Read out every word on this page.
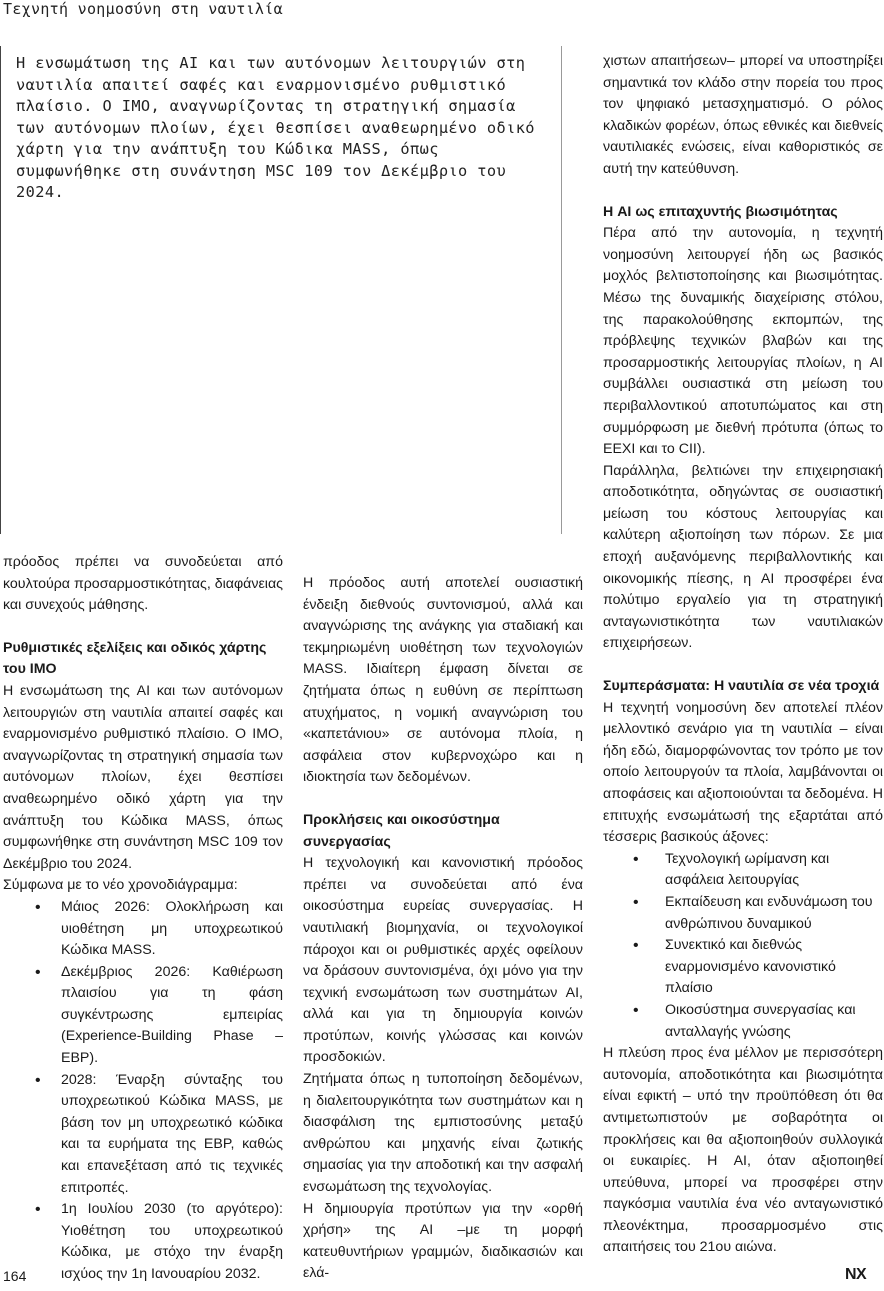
Τεχνητή νοημοσύνη στη ναυτιλία
Η ενσωμάτωση της AI και των αυτόνομων λειτουργιών στη ναυτιλία απαιτεί σαφές και εναρμονισμένο ρυθμιστικό πλαίσιο. Ο IMO, αναγνωρίζοντας τη στρατηγική σημασία των αυτόνομων πλοίων, έχει θεσπίσει αναθεωρημένο οδικό χάρτη για την ανάπτυξη του Κώδικα MASS, όπως συμφωνήθηκε στη συνάντηση MSC 109 τον Δεκέμβριο του 2024.

πρόοδος πρέπει να συνοδεύεται από κουλτούρα προσαρμοστικότητας, διαφάνειας και συνεχούς μάθησης.

Ρυθμιστικές εξελίξεις και οδικός χάρτης του IMO

Η ενσωμάτωση της AI και των αυτόνομων λειτουργιών στη ναυτιλία απαιτεί σαφές και εναρμονισμένο ρυθμιστικό πλαίσιο. Ο IMO, αναγνωρίζοντας τη στρατηγική σημασία των αυτόνομων πλοίων, έχει θεσπίσει αναθεωρημένο οδικό χάρτη για την ανάπτυξη του Κώδικα MASS, όπως συμφωνήθηκε στη συνάντηση MSC 109 τον Δεκέμβριο του 2024.

Σύμφωνα με το νέο χρονοδιάγραμμα:

• Μάιος 2026: Ολοκλήρωση και υιοθέτηση μη υποχρεωτικού Κώδικα MASS.
• Δεκέμβριος 2026: Καθιέρωση πλαισίου για τη φάση συγκέντρωσης εμπειρίας (Experience-Building Phase – EBP).
• 2028: Έναρξη σύνταξης του υποχρεωτικού Κώδικα MASS, με βάση τον μη υποχρεωτικό κώδικα και τα ευρήματα της EBP, καθώς και επανεξέταση από τις τεχνικές επιτροπές.
• 1η Ιουλίου 2030 (το αργότερο): Υιοθέτηση του υποχρεωτικού Κώδικα, με στόχο την έναρξη ισχύος την 1η Ιανουαρίου 2032.

Η πρόοδος αυτή αποτελεί ουσιαστική ένδειξη διεθνούς συντονισμού, αλλά και αναγνώρισης της ανάγκης για σταδιακή και τεκμηριωμένη υιοθέτηση των τεχνολογιών MASS. Ιδιαίτερη έμφαση δίνεται σε ζητήματα όπως η ευθύνη σε περίπτωση ατυχήματος, η νομική αναγνώριση του «καπετάνιου» σε αυτόνομα πλοία, η ασφάλεια στον κυβερνοχώρο και η ιδιοκτησία των δεδομένων.

Προκλήσεις και οικοσύστημα συνεργασίας

Η τεχνολογική και κανονιστική πρόοδος πρέπει να συνοδεύεται από ένα οικοσύστημα ευρείας συνεργασίας. Η ναυτιλιακή βιομηχανία, οι τεχνολογικοί πάροχοι και οι ρυθμιστικές αρχές οφείλουν να δράσουν συντονισμένα, όχι μόνο για την τεχνική ενσωμάτωση των συστημάτων AI, αλλά και για τη δημιουργία κοινών προτύπων, κοινής γλώσσας και κοινών προσδοκιών.

Ζητήματα όπως η τυποποίηση δεδομένων, η διαλειτουργικότητα των συστημάτων και η διασφάλιση της εμπιστοσύνης μεταξύ ανθρώπου και μηχανής είναι ζωτικής σημασίας για την αποδοτική και την ασφαλή ενσωμάτωση της τεχνολογίας.

Η δημιουργία προτύπων για την «ορθή χρήση» της AI –με τη μορφή κατευθυντήριων γραμμών, διαδικασιών και ελά-

χιστων απαιτήσεων– μπορεί να υποστηρίξει σημαντικά τον κλάδο στην πορεία του προς τον ψηφιακό μετασχηματισμό. Ο ρόλος κλαδικών φορέων, όπως εθνικές και διεθνείς ναυτιλιακές ενώσεις, είναι καθοριστικός σε αυτή την κατεύθυνση.

Η AI ως επιταχυντής βιωσιμότητας

Πέρα από την αυτονομία, η τεχνητή νοημοσύνη λειτουργεί ήδη ως βασικός μοχλός βελτιστοποίησης και βιωσιμότητας. Μέσω της δυναμικής διαχείρισης στόλου, της παρακολούθησης εκπομπών, της πρόβλεψης τεχνικών βλαβών και της προσαρμοστικής λειτουργίας πλοίων, η AI συμβάλλει ουσιαστικά στη μείωση του περιβαλλοντικού αποτυπώματος και στη συμμόρφωση με διεθνή πρότυπα (όπως το EEXI και το CII).

Παράλληλα, βελτιώνει την επιχειρησιακή αποδοτικότητα, οδηγώντας σε ουσιαστική μείωση του κόστους λειτουργίας και καλύτερη αξιοποίηση των πόρων. Σε μια εποχή αυξανόμενης περιβαλλοντικής και οικονομικής πίεσης, η AI προσφέρει ένα πολύτιμο εργαλείο για τη στρατηγική ανταγωνιστικότητα των ναυτιλιακών επιχειρήσεων.

Συμπεράσματα: Η ναυτιλία σε νέα τροχιά

Η τεχνητή νοημοσύνη δεν αποτελεί πλέον μελλοντικό σενάριο για τη ναυτιλία – είναι ήδη εδώ, διαμορφώνοντας τον τρόπο με τον οποίο λειτουργούν τα πλοία, λαμβάνονται οι αποφάσεις και αξιοποιούνται τα δεδομένα. Η επιτυχής ενσωμάτωσή της εξαρτάται από τέσσερις βασικούς άξονες:

• Τεχνολογική ωρίμανση και ασφάλεια λειτουργίας
• Εκπαίδευση και ενδυνάμωση του ανθρώπινου δυναμικού
• Συνεκτικό και διεθνώς εναρμονισμένο κανονιστικό πλαίσιο
• Οικοσύστημα συνεργασίας και ανταλλαγής γνώσης

Η πλεύση προς ένα μέλλον με περισσότερη αυτονομία, αποδοτικότητα και βιωσιμότητα είναι εφικτή – υπό την προϋπόθεση ότι θα αντιμετωπιστούν με σοβαρότητα οι προκλήσεις και θα αξιοποιηθούν συλλογικά οι ευκαιρίες. Η AI, όταν αξιοποιηθεί υπεύθυνα, μπορεί να προσφέρει στην παγκόσμια ναυτιλία ένα νέο ανταγωνιστικό πλεονέκτημα, προσαρμοσμένο στις απαιτήσεις του 21ου αιώνα.

164	NX
